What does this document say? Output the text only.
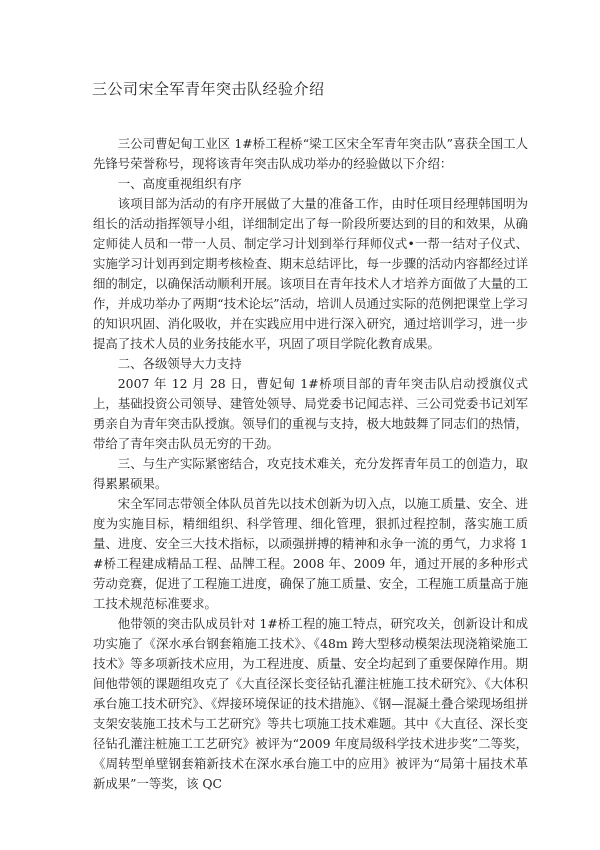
三公司宋全军青年突击队经验介绍

三公司曹妃甸工业区 1#桥工程桥“梁工区宋全军青年突击队”喜获全国工人先锋号荣誉称号，现将该青年突击队成功举办的经验做以下介绍：

一、高度重视组织有序

该项目部为活动的有序开展做了大量的准备工作，由时任项目经理韩国明为组长的活动指挥领导小组，详细制定出了每一阶段所要达到的目的和效果，从确定师徒人员和一带一人员、制定学习计划到举行拜师仪式•一帮一结对子仪式、实施学习计划再到定期考核检查、期末总结评比，每一步骤的活动内容都经过详细的制定，以确保活动顺利开展。该项目在青年技术人才培养方面做了大量的工作，并成功举办了两期“技术论坛”活动，培训人员通过实际的范例把课堂上学习的知识巩固、消化吸收，并在实践应用中进行深入研究，通过培训学习，进一步提高了技术人员的业务技能水平，巩固了项目学院化教育成果。

二、各级领导大力支持

2007 年 12 月 28 日，曹妃甸 1#桥项目部的青年突击队启动授旗仪式上，基础投资公司领导、建管处领导、局党委书记闻志祥、三公司党委书记刘军勇亲自为青年突击队授旗。领导们的重视与支持，极大地鼓舞了同志们的热情，带给了青年突击队员无穷的干劲。

三、与生产实际紧密结合，攻克技术难关，充分发挥青年员工的创造力，取得累累硕果。

宋全军同志带领全体队员首先以技术创新为切入点，以施工质量、安全、进度为实施目标，精细组织、科学管理、细化管理，狠抓过程控制，落实施工质量、进度、安全三大技术指标，以顽强拼搏的精神和永争一流的勇气，力求将 1#桥工程建成精品工程、品牌工程。2008 年、2009 年，通过开展的多种形式劳动竞赛，促进了工程施工进度，确保了施工质量、安全，工程施工质量高于施工技术规范标准要求。

他带领的突击队成员针对 1#桥工程的施工特点，研究攻关，创新设计和成功实施了《深水承台钢套箱施工技术》、《48m 跨大型移动模架法现浇箱梁施工技术》等多项新技术应用，为工程进度、质量、安全均起到了重要保障作用。期间他带领的课题组攻克了《大直径深长变径钻孔灌注桩施工技术研究》、《大体积承台施工技术研究》、《焊接环境保证的技术措施》、《钢—混凝土叠合梁现场组拼支架安装施工技术与工艺研究》等共七项施工技术难题。其中《大直径、深长变径钻孔灌注桩施工工艺研究》被评为“2009 年度局级科学技术进步奖”二等奖，《周转型单壁钢套箱新技术在深水承台施工中的应用》被评为“局第十届技术革新成果”一等奖，该 QC
